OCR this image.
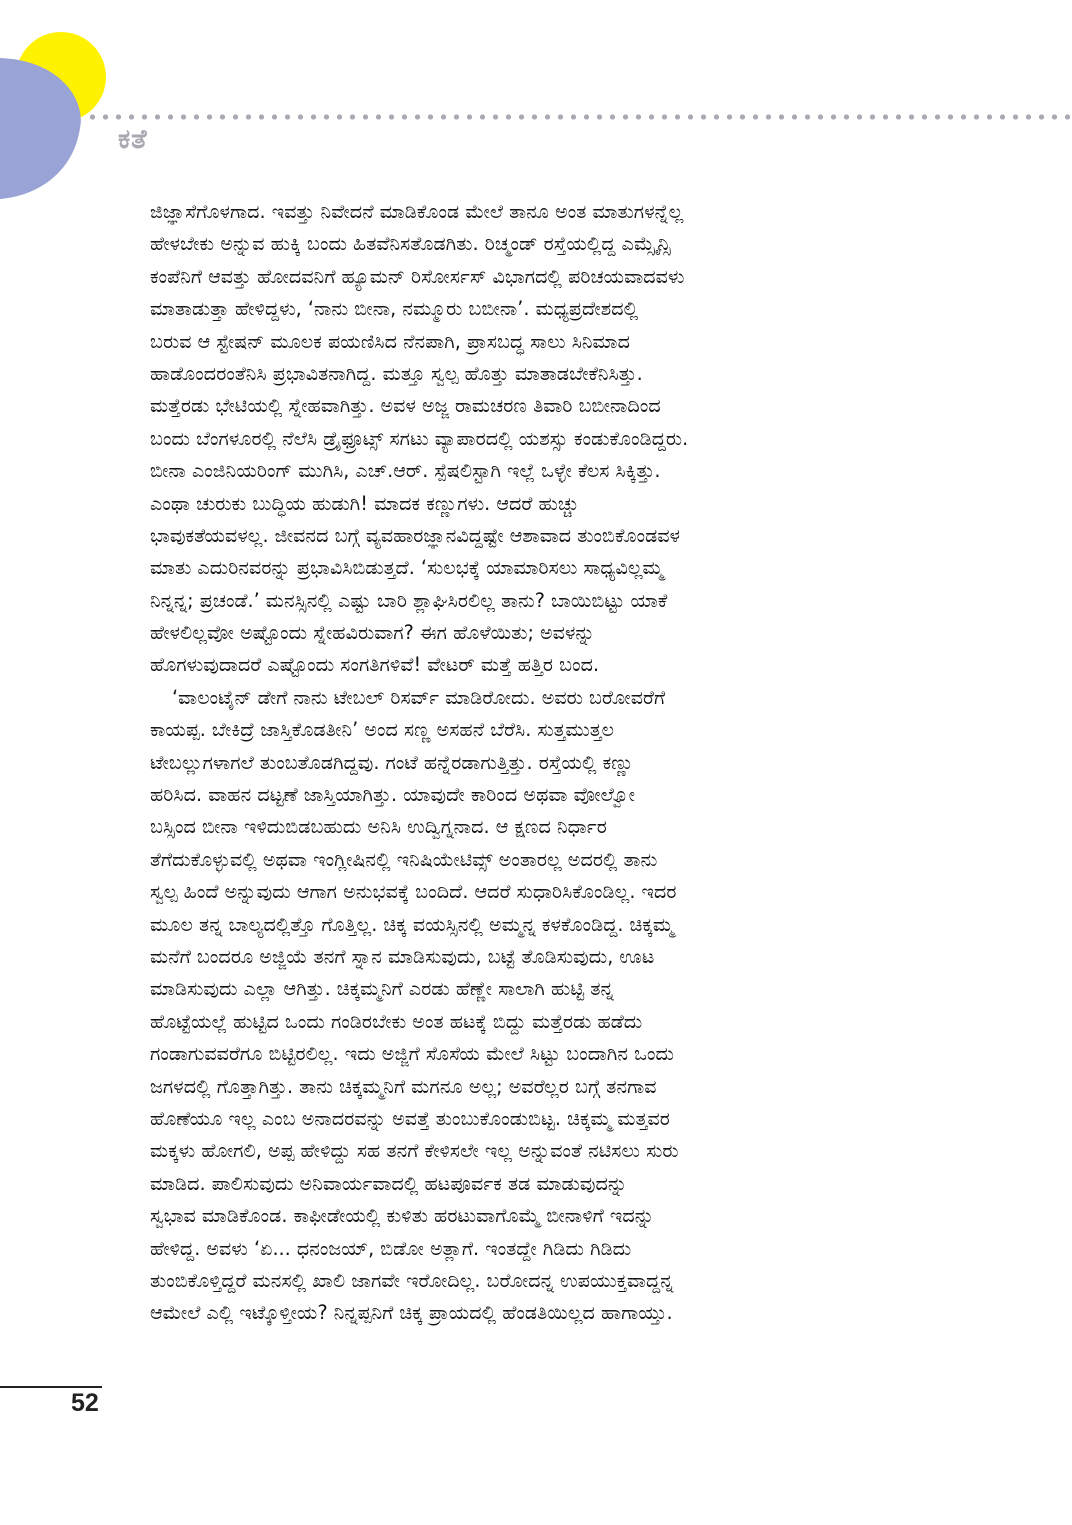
ಕತೆ
ಜಿಜ್ಞಾಸೆಗೊಳಗಾದ. ಇವತ್ತು ನಿವೇದನೆ ಮಾಡಿಕೊಂಡ ಮೇಲೆ ತಾನೂ ಅಂತ ಮಾತುಗಳನ್ನೆಲ್ಲ
ಹೇಳಬೇಕು ಅನ್ನುವ ಹುಕ್ಕಿ ಬಂದು ಹಿತವೆನಿಸತೊಡಗಿತು. ರಿಚ್ಮಂಡ್ ರಸ್ತೆಯಲ್ಲಿದ್ದ ಎಮ್ಸೈನ್ಸಿ
ಕಂಪೆನಿಗೆ ಆವತ್ತು ಹೋದವನಿಗೆ ಹ್ಯೂಮನ್ ರಿಸೋರ್ಸಸ್ ವಿಭಾಗದಲ್ಲಿ ಪರಿಚಯವಾದವಳು
ಮಾತಾಡುತ್ತಾ ಹೇಳಿದ್ದಳು, ‘ನಾನು ಬೀನಾ, ನಮ್ಮೂರು ಬಬೀನಾ’. ಮಧ್ಯಪ್ರದೇಶದಲ್ಲಿ
ಬರುವ ಆ ಸ್ಟೇಷನ್ ಮೂಲಕ ಪಯಣಿಸಿದ ನೆನಪಾಗಿ, ಪ್ರಾಸಬದ್ಧ ಸಾಲು ಸಿನಿಮಾದ
ಹಾಡೊಂದರಂತೆನಿಸಿ ಪ್ರಭಾವಿತನಾಗಿದ್ದ. ಮತ್ತೂ ಸ್ವಲ್ಪ ಹೊತ್ತು ಮಾತಾಡಬೇಕೆನಿಸಿತ್ತು.
ಮತ್ತೆರಡು ಭೇಟಿಯಲ್ಲಿ ಸ್ನೇಹವಾಗಿತ್ತು. ಅವಳ ಅಜ್ಜ ರಾಮಚರಣ ತಿವಾರಿ ಬಬೀನಾದಿಂದ
ಬಂದು ಬೆಂಗಳೂರಲ್ಲಿ ನೆಲೆಸಿ ಡ್ರೈಫ್ರೂಟ್ಸ್ ಸಗಟು ವ್ಯಾಪಾರದಲ್ಲಿ ಯಶಸ್ಸು ಕಂಡುಕೊಂಡಿದ್ದರು.
ಬೀನಾ ಎಂಜಿನಿಯರಿಂಗ್ ಮುಗಿಸಿ, ಎಚ್.ಆರ್. ಸ್ಪೆಷಲಿಸ್ಟಾಗಿ ಇಲ್ಲೆ ಒಳ್ಳೇ ಕೆಲಸ ಸಿಕ್ಕಿತ್ತು.
ಎಂಥಾ ಚುರುಕು ಬುದ್ಧಿಯ ಹುಡುಗಿ! ಮಾದಕ ಕಣ್ಣುಗಳು. ಆದರೆ ಹುಚ್ಚು
ಭಾವುಕತೆಯವಳಲ್ಲ. ಜೀವನದ ಬಗ್ಗೆ ವ್ಯವಹಾರಜ್ಞಾನವಿದ್ದಷ್ಟೇ ಆಶಾವಾದ ತುಂಬಿಕೊಂಡವಳ
ಮಾತು ಎದುರಿನವರನ್ನು ಪ್ರಭಾವಿಸಿಬಿಡುತ್ತದೆ. ‘ಸುಲಭಕ್ಕೆ ಯಾಮಾರಿಸಲು ಸಾಧ್ಯವಿಲ್ಲಮ್ಮ
ನಿನ್ನನ್ನ; ಪ್ರಚಂಡೆ.’ ಮನಸ್ಸಿನಲ್ಲಿ ಎಷ್ಟು ಬಾರಿ ಶ್ಲಾಘಿಸಿರಲಿಲ್ಲ ತಾನು? ಬಾಯಿಬಿಟ್ಟು ಯಾಕೆ
ಹೇಳಲಿಲ್ಲವೋ ಅಷ್ಟೊಂದು ಸ್ನೇಹವಿರುವಾಗ? ಈಗ ಹೊಳೆಯಿತು; ಅವಳನ್ನು
ಹೊಗಳುವುದಾದರೆ ಎಷ್ಟೊಂದು ಸಂಗತಿಗಳಿವೆ! ವೇಟರ್ ಮತ್ತೆ ಹತ್ತಿರ ಬಂದ.
‘ವಾಲಂಟೈನ್ ಡೇಗೆ ನಾನು ಟೇಬಲ್ ರಿಸರ್ವ್ ಮಾಡಿರೋದು. ಅವರು ಬರೋವರೆಗೆ
ಕಾಯಪ್ಪ. ಬೇಕಿದ್ರೆ ಜಾಸ್ತಿಕೊಡತೀನಿ’ ಅಂದ ಸಣ್ಣ ಅಸಹನೆ ಬೆರೆಸಿ. ಸುತ್ತಮುತ್ತಲ
ಟೇಬಲ್ಲುಗಳಾಗಲೆ ತುಂಬತೊಡಗಿದ್ದವು. ಗಂಟೆ ಹನ್ನೆರಡಾಗುತ್ತಿತ್ತು. ರಸ್ತೆಯಲ್ಲಿ ಕಣ್ಣು
ಹರಿಸಿದ. ವಾಹನ ದಟ್ಟಣೆ ಜಾಸ್ತಿಯಾಗಿತ್ತು. ಯಾವುದೇ ಕಾರಿಂದ ಅಥವಾ ವೋಲ್ವೋ
ಬಸ್ಸಿಂದ ಬೀನಾ ಇಳಿದುಬಿಡಬಹುದು ಅನಿಸಿ ಉದ್ವಿಗ್ನನಾದ. ಆ ಕ್ಷಣದ ನಿರ್ಧಾರ
ತೆಗೆದುಕೊಳ್ಳುವಲ್ಲಿ ಅಥವಾ ಇಂಗ್ಲೀಷಿನಲ್ಲಿ ಇನಿಷಿಯೇಟಿವ್ಸ್ ಅಂತಾರಲ್ಲ ಅದರಲ್ಲಿ ತಾನು
ಸ್ವಲ್ಪ ಹಿಂದೆ ಅನ್ನುವುದು ಆಗಾಗ ಅನುಭವಕ್ಕೆ ಬಂದಿದೆ. ಆದರೆ ಸುಧಾರಿಸಿಕೊಂಡಿಲ್ಲ. ಇದರ
ಮೂಲ ತನ್ನ ಬಾಲ್ಯದಲ್ಲಿತ್ತೊ ಗೊತ್ತಿಲ್ಲ. ಚಿಕ್ಕ ವಯಸ್ಸಿನಲ್ಲಿ ಅಮ್ಮನ್ನ ಕಳಕೊಂಡಿದ್ದ. ಚಿಕ್ಕಮ್ಮ
ಮನೆಗೆ ಬಂದರೂ ಅಜ್ಜಿಯೆ ತನಗೆ ಸ್ನಾನ ಮಾಡಿಸುವುದು, ಬಟ್ಟೆ ತೊಡಿಸುವುದು, ಊಟ
ಮಾಡಿಸುವುದು ಎಲ್ಲಾ ಆಗಿತ್ತು. ಚಿಕ್ಕಮ್ಮನಿಗೆ ಎರಡು ಹೆಣ್ಣೇ ಸಾಲಾಗಿ ಹುಟ್ಟಿ ತನ್ನ
ಹೊಟ್ಟೆಯಲ್ಲೆ ಹುಟ್ಟಿದ ಒಂದು ಗಂಡಿರಬೇಕು ಅಂತ ಹಟಕ್ಕೆ ಬಿದ್ದು ಮತ್ತೆರಡು ಹಡೆದು
ಗಂಡಾಗುವವರೆಗೂ ಬಿಟ್ಟಿರಲಿಲ್ಲ. ಇದು ಅಜ್ಜಿಗೆ ಸೊಸೆಯ ಮೇಲೆ ಸಿಟ್ಟು ಬಂದಾಗಿನ ಒಂದು
ಜಗಳದಲ್ಲಿ ಗೊತ್ತಾಗಿತ್ತು. ತಾನು ಚಿಕ್ಕಮ್ಮನಿಗೆ ಮಗನೂ ಅಲ್ಲ; ಅವರೆಲ್ಲರ ಬಗ್ಗೆ ತನಗಾವ
ಹೊಣೆಯೂ ಇಲ್ಲ ಎಂಬ ಅನಾದರವನ್ನು ಅವತ್ತೆ ತುಂಬುಕೊಂಡುಬಿಟ್ಟ. ಚಿಕ್ಕಮ್ಮ ಮತ್ತವರ
ಮಕ್ಕಳು ಹೋಗಲಿ, ಅಪ್ಪ ಹೇಳಿದ್ದು ಸಹ ತನಗೆ ಕೇಳಿಸಲೇ ಇಲ್ಲ ಅನ್ನುವಂತೆ ನಟಿಸಲು ಸುರು
ಮಾಡಿದ. ಪಾಲಿಸುವುದು ಅನಿವಾರ್ಯವಾದಲ್ಲಿ ಹಟಪೂರ್ವಕ ತಡ ಮಾಡುವುದನ್ನು
ಸ್ವಭಾವ ಮಾಡಿಕೊಂಡ. ಕಾಫೀಡೇಯಲ್ಲಿ ಕುಳಿತು ಹರಟುವಾಗೊಮ್ಮೆ ಬೀನಾಳಿಗೆ ಇದನ್ನು
ಹೇಳಿದ್ದ. ಅವಳು ‘ಏ... ಧನಂಜಯ್, ಬಿಡೋ ಅತ್ಲಾಗೆ. ಇಂತದ್ದೇ ಗಿಡಿದು ಗಿಡಿದು
ತುಂಬಿಕೊಳ್ತಿದ್ದರೆ ಮನಸಲ್ಲಿ ಖಾಲಿ ಜಾಗವೇ ಇರೋದಿಲ್ಲ. ಬರೋದನ್ನ ಉಪಯುಕ್ತವಾದ್ದನ್ನ
ಆಮೇಲೆ ಎಲ್ಲಿ ಇಟ್ಕೊಳ್ತೀಯ? ನಿನ್ನಪ್ಪನಿಗೆ ಚಿಕ್ಕ ಪ್ರಾಯದಲ್ಲಿ ಹೆಂಡತಿಯಿಲ್ಲದ ಹಾಗಾಯ್ತು.
52
